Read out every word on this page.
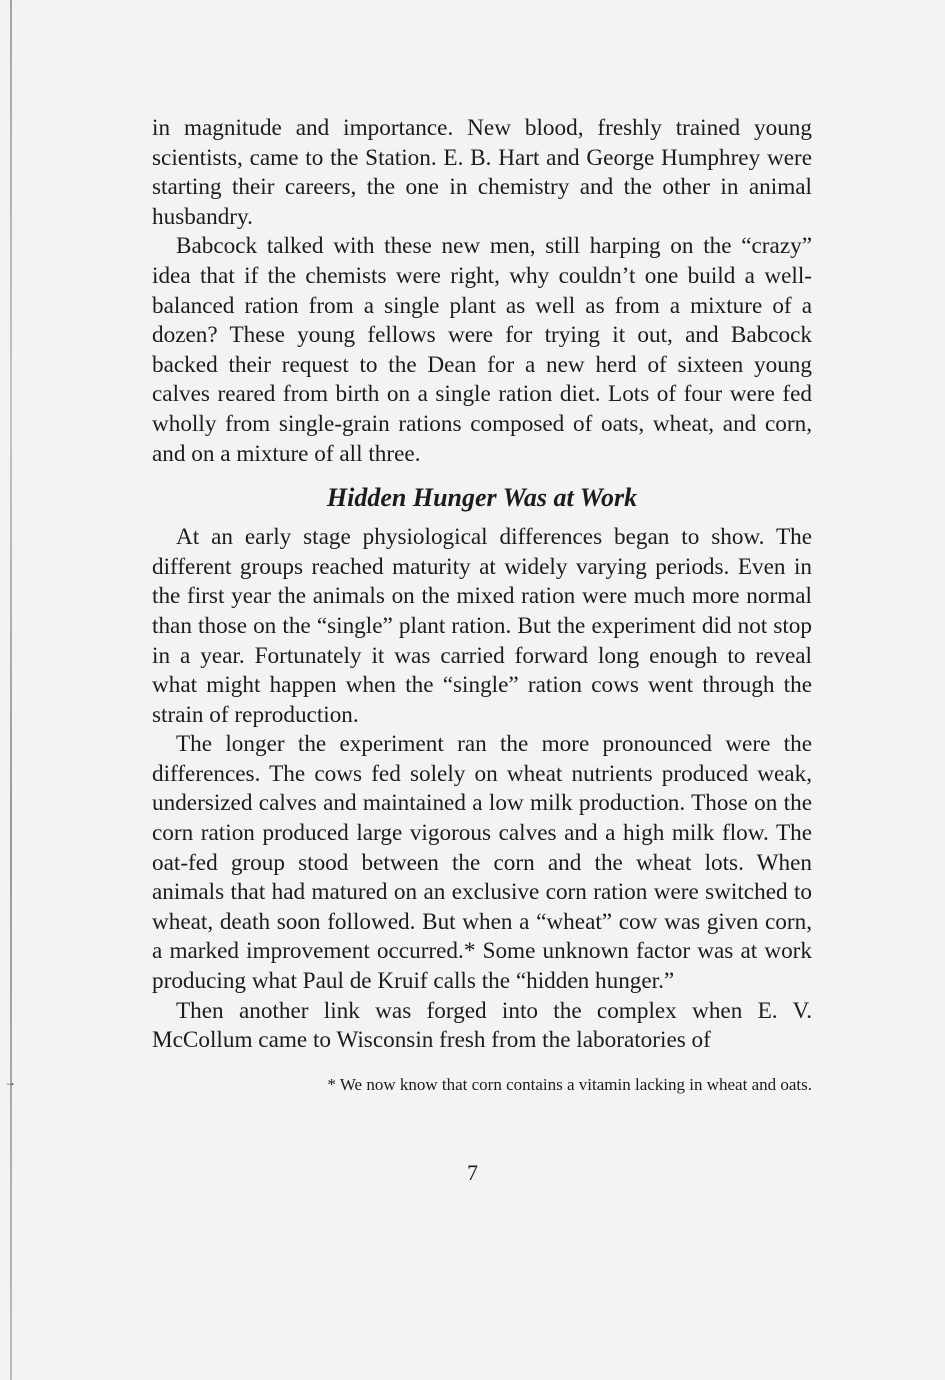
→

in magnitude and importance. New blood, freshly trained young scientists, came to the Station. E. B. Hart and George Humphrey were starting their careers, the one in chemistry and the other in animal husbandry.

Babcock talked with these new men, still harping on the “crazy” idea that if the chemists were right, why couldn’t one build a well-balanced ration from a single plant as well as from a mixture of a dozen? These young fellows were for trying it out, and Babcock backed their request to the Dean for a new herd of sixteen young calves reared from birth on a single ration diet. Lots of four were fed wholly from single-grain rations composed of oats, wheat, and corn, and on a mixture of all three.

Hidden Hunger Was at Work

At an early stage physiological differences began to show. The different groups reached maturity at widely varying periods. Even in the first year the animals on the mixed ration were much more normal than those on the “single” plant ration. But the experiment did not stop in a year. Fortunately it was carried forward long enough to reveal what might happen when the “single” ration cows went through the strain of reproduction.

The longer the experiment ran the more pronounced were the differences. The cows fed solely on wheat nutrients produced weak, undersized calves and maintained a low milk production. Those on the corn ration produced large vigorous calves and a high milk flow. The oat-fed group stood between the corn and the wheat lots. When animals that had matured on an exclusive corn ration were switched to wheat, death soon followed. But when a “wheat” cow was given corn, a marked improvement occurred.* Some unknown factor was at work producing what Paul de Kruif calls the “hidden hunger.”

Then another link was forged into the complex when E. V. McCollum came to Wisconsin fresh from the laboratories of

* We now know that corn contains a vitamin lacking in wheat and oats.

7
